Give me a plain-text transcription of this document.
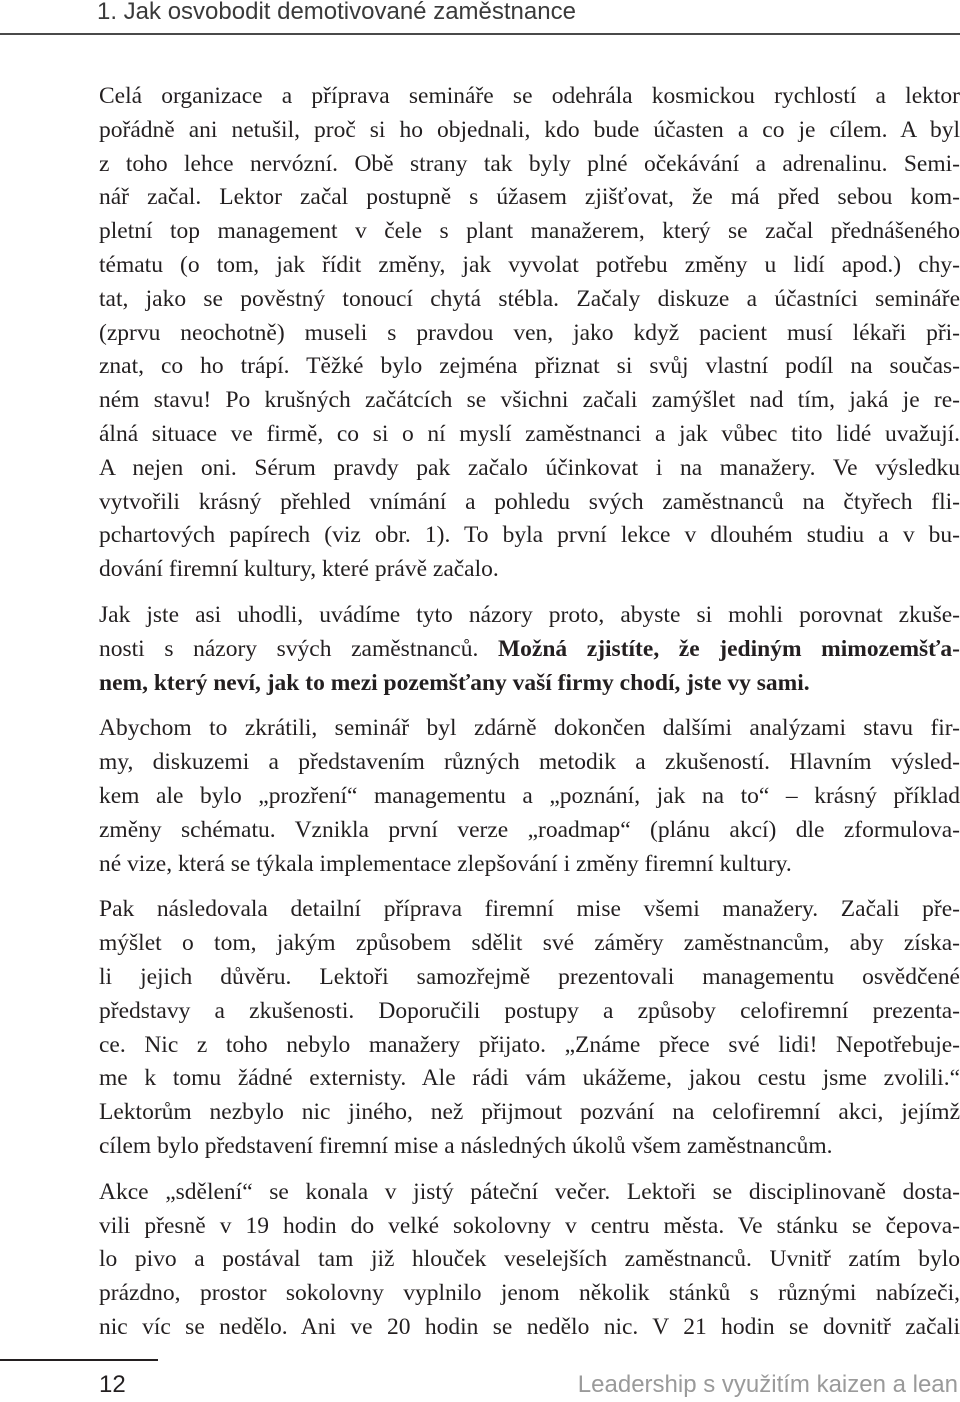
1. Jak osvobodit demotivované zaměstnance
Celá organizace a příprava semináře se odehrála kosmickou rychlostí a lektor
pořádně ani netušil, proč si ho objednali, kdo bude účasten a co je cílem. A byl
z toho lehce nervózní. Obě strany tak byly plné očekávání a adrenalinu. Semi-
nář začal. Lektor začal postupně s úžasem zjišťovat, že má před sebou kom-
pletní top management v čele s plant manažerem, který se začal přednášeného
tématu (o tom, jak řídit změny, jak vyvolat potřebu změny u lidí apod.) chy-
tat, jako se pověstný tonoucí chytá stébla. Začaly diskuze a účastníci semináře
(zprvu neochotně) museli s pravdou ven, jako když pacient musí lékaři při-
znat, co ho trápí. Těžké bylo zejména přiznat si svůj vlastní podíl na součas-
ném stavu! Po krušných začátcích se všichni začali zamýšlet nad tím, jaká je re-
álná situace ve firmě, co si o ní myslí zaměstnanci a jak vůbec tito lidé uvažují.
A nejen oni. Sérum pravdy pak začalo účinkovat i na manažery. Ve výsledku
vytvořili krásný přehled vnímání a pohledu svých zaměstnanců na čtyřech fli-
pchartových papírech (viz obr. 1). To byla první lekce v dlouhém studiu a v bu-
dování firemní kultury, které právě začalo.
Jak jste asi uhodli, uvádíme tyto názory proto, abyste si mohli porovnat zkuše-
nosti s názory svých zaměstnanců. Možná zjistíte, že jediným mimozemšťa-
nem, který neví, jak to mezi pozemšťany vaší firmy chodí, jste vy sami.
Abychom to zkrátili, seminář byl zdárně dokončen dalšími analýzami stavu fir-
my, diskuzemi a představením různých metodik a zkušeností. Hlavním výsled-
kem ale bylo „prozření“ managementu a „poznání, jak na to“ – krásný příklad
změny schématu. Vznikla první verze „roadmap“ (plánu akcí) dle zformulova-
né vize, která se týkala implementace zlepšování i změny firemní kultury.
Pak následovala detailní příprava firemní mise všemi manažery. Začali pře-
mýšlet o tom, jakým způsobem sdělit své záměry zaměstnancům, aby získa-
li jejich důvěru. Lektoři samozřejmě prezentovali managementu osvědčené
představy a zkušenosti. Doporučili postupy a způsoby celofiremní prezenta-
ce. Nic z toho nebylo manažery přijato. „Známe přece své lidi! Nepotřebuje-
me k tomu žádné externisty. Ale rádi vám ukážeme, jakou cestu jsme zvolili.“
Lektorům nezbylo nic jiného, než přijmout pozvání na celofiremní akci, jejímž
cílem bylo představení firemní mise a následných úkolů všem zaměstnancům.
Akce „sdělení“ se konala v jistý páteční večer. Lektoři se disciplinovaně dosta-
vili přesně v 19 hodin do velké sokolovny v centru města. Ve stánku se čepova-
lo pivo a postával tam již hlouček veselejších zaměstnanců. Uvnitř zatím bylo
prázdno, prostor sokolovny vyplnilo jenom několik stánků s různými nabízeči,
nic víc se nedělo. Ani ve 20 hodin se nedělo nic. V 21 hodin se dovnitř začali
12	Leadership s využitím kaizen a lean
